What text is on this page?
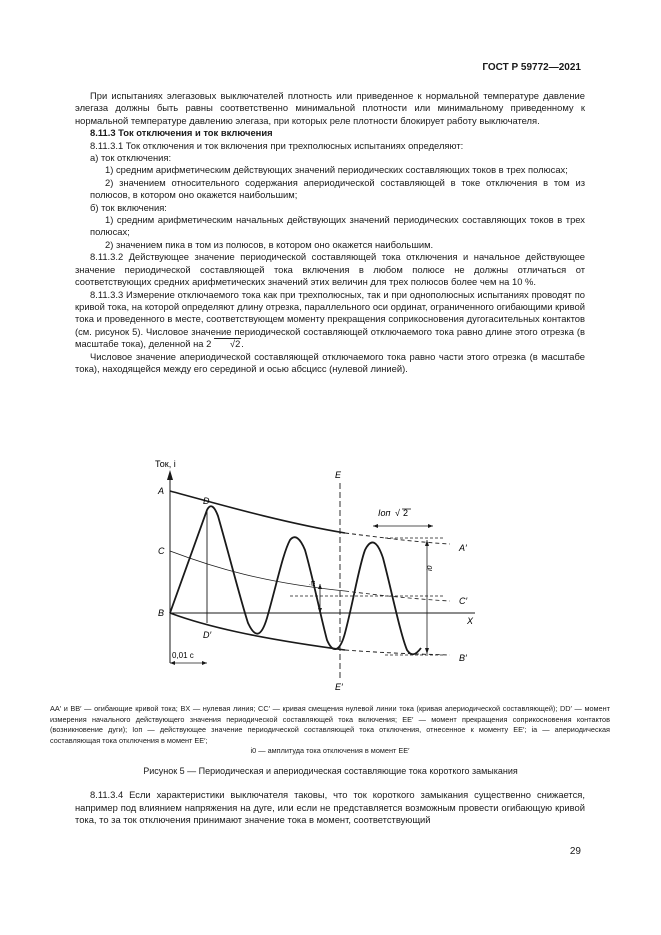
ГОСТ Р 59772—2021

При испытаниях элегазовых выключателей плотность или приведенное к нормальной температуре давление элегаза должны быть равны соответственно минимальной плотности или минимальному приведенному к нормальной температуре давлению элегаза, при которых реле плотности блокирует работу выключателя.

8.11.3 Ток отключения и ток включения

8.11.3.1 Ток отключения и ток включения при трехполюсных испытаниях определяют:

а) ток отключения:

1) средним арифметическим действующих значений периодических составляющих токов в трех полюсах;

2) значением относительного содержания апериодической составляющей в токе отключения в том из полюсов, в котором оно окажется наибольшим;

б) ток включения:

1) средним арифметическим начальных действующих значений периодических составляющих токов в трех полюсах;

2) значением пика в том из полюсов, в котором оно окажется наибольшим.

8.11.3.2 Действующее значение периодической составляющей тока отключения и начальное действующее значение периодической составляющей тока включения в любом полюсе не должны отличаться от соответствующих средних арифметических значений этих величин для трех полюсов более чем на 10 %.

8.11.3.3 Измерение отключаемого тока как при трехполюсных, так и при однополюсных испытаниях проводят по кривой тока, на которой определяют длину отрезка, параллельного оси ординат, ограниченного огибающими кривой тока и проведенного в месте, соответствующем моменту прекращения соприкосновения дугогасительных контактов (см. рисунок 5). Числовое значение периодической составляющей отключаемого тока равно длине этого отрезка (в масштабе тока), деленной на 2 √2.

Числовое значение апериодической составляющей отключаемого тока равно части этого отрезка (в масштабе тока), находящейся между его серединой и осью абсцисс (нулевой линией).

Ток, i
X
D
D′
E
E′
A
C
B
A′
C′
B′
i0
ia
Iоп √ 2
0,01 с
AA′ и BB′ — огибающие кривой тока; BX — нулевая линия; CC′ — кривая смещения нулевой линии тока (кривая апериодической составляющей); DD′ — момент измерения начального действующего значения периодической составляющей тока включения; EE′ — момент прекращения соприкосновения контактов (возникновение дуги); Iоп — действующее значение периодической составляющей тока отключения, отнесенное к моменту EE′; iа — апериодическая составляющая тока отключения в момент EE′;
i0 — амплитуда тока отключения в момент EE′
Рисунок 5 — Периодическая и апериодическая составляющие тока короткого замыкания
8.11.3.4 Если характеристики выключателя таковы, что ток короткого замыкания существенно снижается, например под влиянием напряжения на дуге, или если не представляется возможным провести огибающую кривой тока, то за ток отключения принимают значение тока в момент, соответствующий
29
